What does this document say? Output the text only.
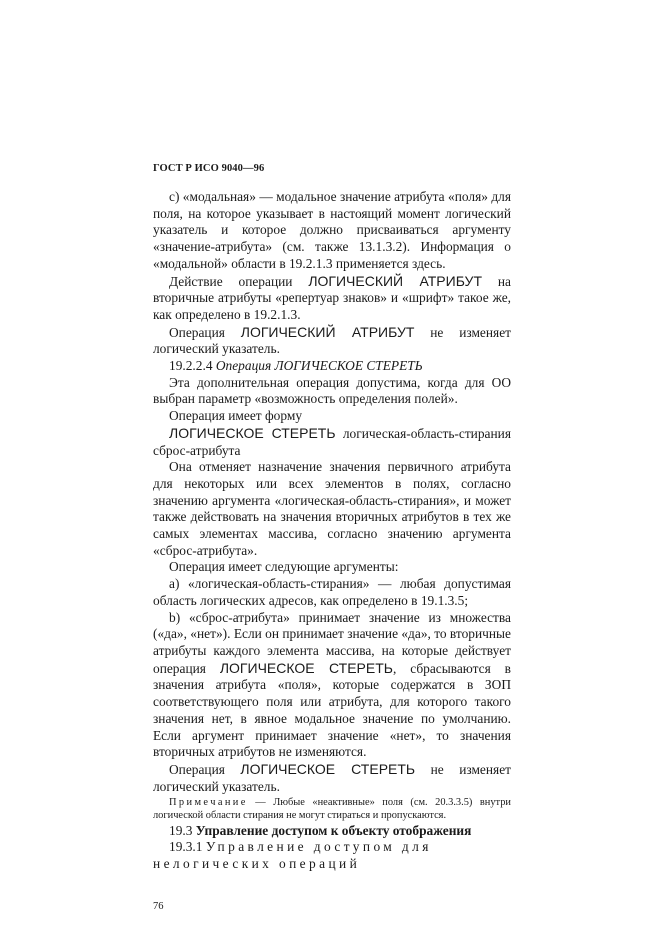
ГОСТ Р ИСО 9040—96

c) «модальная» — модальное значение атрибута «поля» для поля, на которое указывает в настоящий момент логический указатель и которое должно присваиваться аргументу «значение-атрибута» (см. также 13.1.3.2). Информация о «модальной» области в 19.2.1.3 применяется здесь.

Действие операции ЛОГИЧЕСКИЙ АТРИБУТ на вторичные атрибуты «репертуар знаков» и «шрифт» такое же, как определено в 19.2.1.3.

Операция ЛОГИЧЕСКИЙ АТРИБУТ не изменяет логический указатель.

19.2.2.4 Операция ЛОГИЧЕСКОЕ СТЕРЕТЬ

Эта дополнительная операция допустима, когда для ОО выбран параметр «возможность определения полей».

Операция имеет форму

ЛОГИЧЕСКОЕ СТЕРЕТЬ логическая-область-стирания сброс-атрибута

Она отменяет назначение значения первичного атрибута для некоторых или всех элементов в полях, согласно значению аргумента «логическая-область-стирания», и может также действовать на значения вторичных атрибутов в тех же самых элементах массива, согласно значению аргумента «сброс-атрибута».

Операция имеет следующие аргументы:

a) «логическая-область-стирания» — любая допустимая область логических адресов, как определено в 19.1.3.5;

b) «сброс-атрибута» принимает значение из множества («да», «нет»). Если он принимает значение «да», то вторичные атрибуты каждого элемента массива, на которые действует операция ЛОГИЧЕСКОЕ СТЕРЕТЬ, сбрасываются в значения атрибута «поля», которые содержатся в ЗОП соответствующего поля или атрибута, для которого такого значения нет, в явное модальное значение по умолчанию. Если аргумент принимает значение «нет», то значения вторичных атрибутов не изменяются.

Операция ЛОГИЧЕСКОЕ СТЕРЕТЬ не изменяет логический указатель.

Примечание — Любые «неактивные» поля (см. 20.3.3.5) внутри логической области стирания не могут стираться и пропускаются.

19.3 Управление доступом к объекту отображения

19.3.1 Управление доступом для нелогических операций

76
